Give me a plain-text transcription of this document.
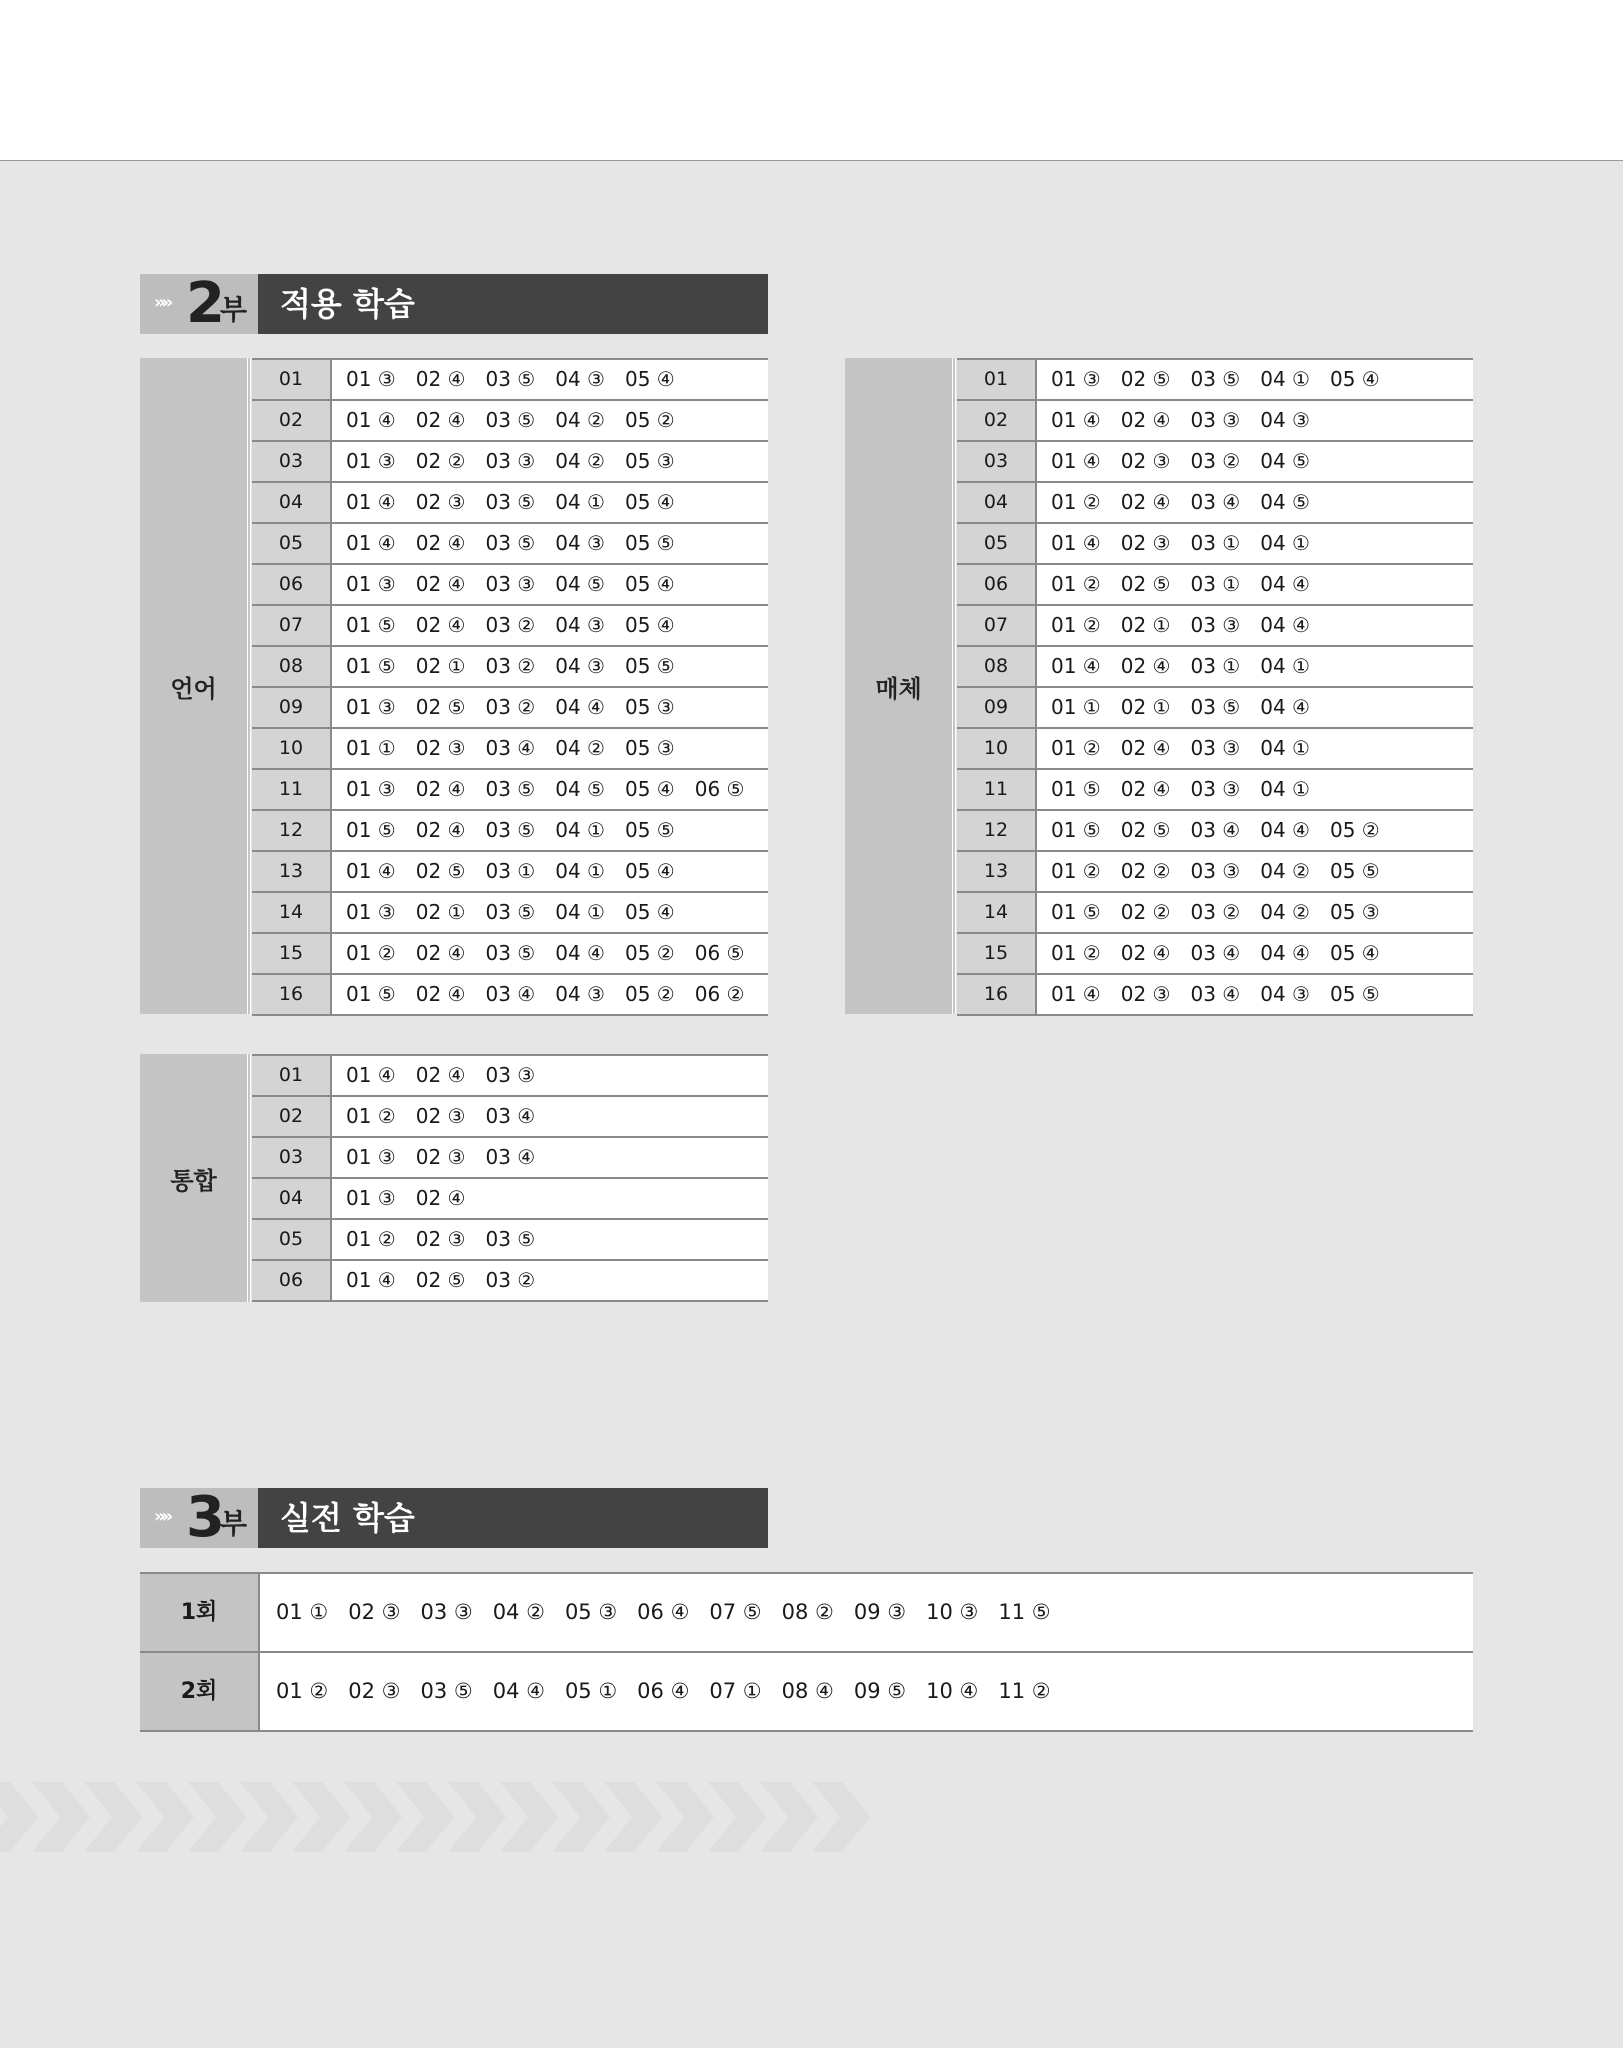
»» 2
부	적용 학습
언어
01	01 ③ 02 ④ 03 ⑤ 04 ③ 05 ④
02	01 ④ 02 ④ 03 ⑤ 04 ② 05 ②
03	01 ③ 02 ② 03 ③ 04 ② 05 ③
04	01 ④ 02 ③ 03 ⑤ 04 ① 05 ④
05	01 ④ 02 ④ 03 ⑤ 04 ③ 05 ⑤
06	01 ③ 02 ④ 03 ③ 04 ⑤ 05 ④
07	01 ⑤ 02 ④ 03 ② 04 ③ 05 ④
08	01 ⑤ 02 ① 03 ② 04 ③ 05 ⑤
09	01 ③ 02 ⑤ 03 ② 04 ④ 05 ③
10	01 ① 02 ③ 03 ④ 04 ② 05 ③
11	01 ③ 02 ④ 03 ⑤ 04 ⑤ 05 ④ 06 ⑤
12	01 ⑤ 02 ④ 03 ⑤ 04 ① 05 ⑤
13	01 ④ 02 ⑤ 03 ① 04 ① 05 ④
14	01 ③ 02 ① 03 ⑤ 04 ① 05 ④
15	01 ② 02 ④ 03 ⑤ 04 ④ 05 ② 06 ⑤
16	01 ⑤ 02 ④ 03 ④ 04 ③ 05 ② 06 ②
매체
01	01 ③ 02 ⑤ 03 ⑤ 04 ① 05 ④
02	01 ④ 02 ④ 03 ③ 04 ③
03	01 ④ 02 ③ 03 ② 04 ⑤
04	01 ② 02 ④ 03 ④ 04 ⑤
05	01 ④ 02 ③ 03 ① 04 ①
06	01 ② 02 ⑤ 03 ① 04 ④
07	01 ② 02 ① 03 ③ 04 ④
08	01 ④ 02 ④ 03 ① 04 ①
09	01 ① 02 ① 03 ⑤ 04 ④
10	01 ② 02 ④ 03 ③ 04 ①
11	01 ⑤ 02 ④ 03 ③ 04 ①
12	01 ⑤ 02 ⑤ 03 ④ 04 ④ 05 ②
13	01 ② 02 ② 03 ③ 04 ② 05 ⑤
14	01 ⑤ 02 ② 03 ② 04 ② 05 ③
15	01 ② 02 ④ 03 ④ 04 ④ 05 ④
16	01 ④ 02 ③ 03 ④ 04 ③ 05 ⑤
통합
01	01 ④ 02 ④ 03 ③
02	01 ② 02 ③ 03 ④
03	01 ③ 02 ③ 03 ④
04	01 ③ 02 ④
05	01 ② 02 ③ 03 ⑤
06	01 ④ 02 ⑤ 03 ②
»» 3
부	실전 학습
1회	01 ① 02 ③ 03 ③ 04 ② 05 ③ 06 ④ 07 ⑤ 08 ② 09 ③ 10 ③ 11 ⑤
2회	01 ② 02 ③ 03 ⑤ 04 ④ 05 ① 06 ④ 07 ① 08 ④ 09 ⑤ 10 ④ 11 ②
